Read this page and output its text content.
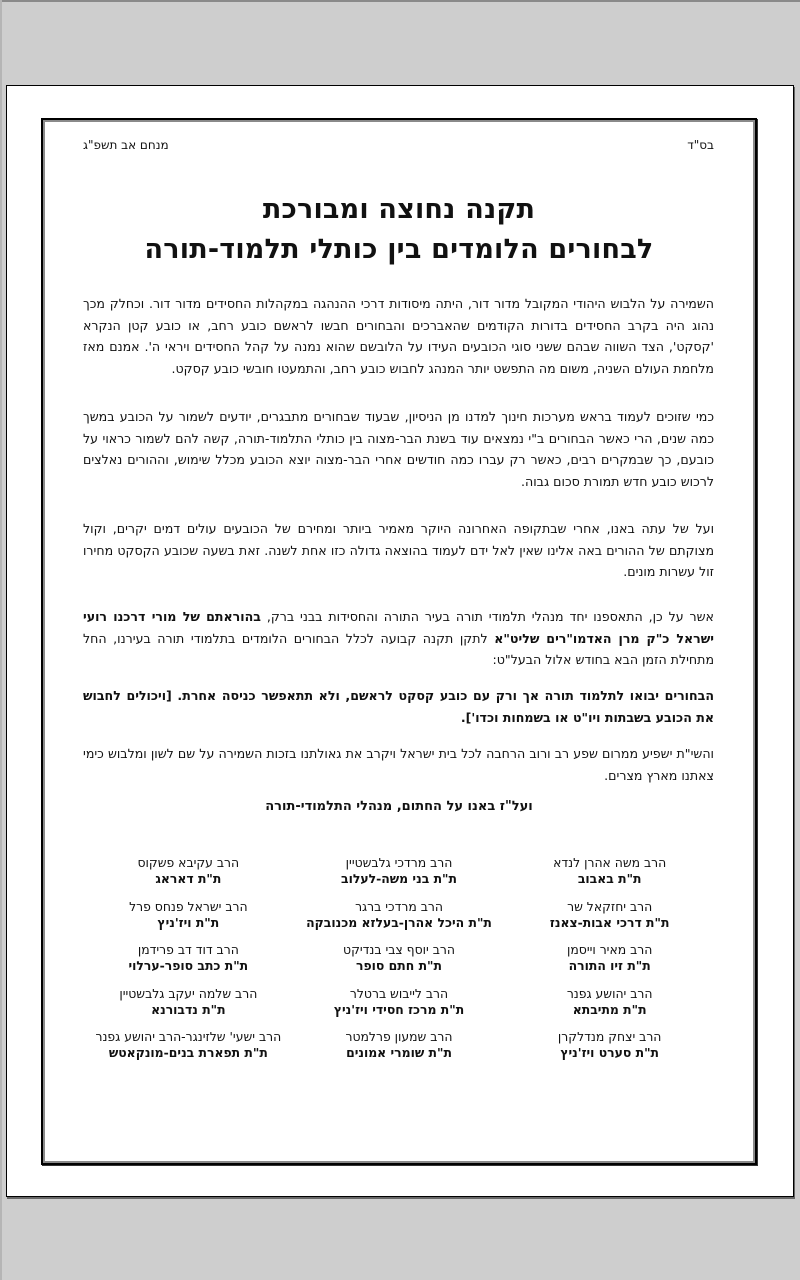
בס"ד
מנחם אב תשפ"ג
תקנה נחוצה ומבורכת
לבחורים הלומדים בין כותלי תלמוד-תורה
השמירה על הלבוש היהודי המקובל מדור דור, היתה מיסודות דרכי ההנהגה במקהלות החסידים מדור דור. וכחלק מכך נהוג היה בקרב החסידים בדורות הקודמים שהאברכים והבחורים חבשו לראשם כובע רחב, או כובע קטן הנקרא 'קסקט', הצד השווה שבהם ששני סוגי הכובעים העידו על הלובשם שהוא נמנה על קהל החסידים ויראי ה'. אמנם מאז מלחמת העולם השניה, משום מה התפשט יותר המנהג לחבוש כובע רחב, והתמעטו חובשי כובע קסקט.
כמי שזוכים לעמוד בראש מערכות חינוך למדנו מן הניסיון, שבעוד שבחורים מתבגרים, יודעים לשמור על הכובע במשך כמה שנים, הרי כאשר הבחורים ב"י נמצאים עוד בשנת הבר-מצוה בין כותלי התלמוד-תורה, קשה להם לשמור כראוי על כובעם, כך שבמקרים רבים, כאשר רק עברו כמה חודשים אחרי הבר-מצוה יוצא הכובע מכלל שימוש, וההורים נאלצים לרכוש כובע חדש תמורת סכום גבוה.
ועל של עתה באנו, אחרי שבתקופה האחרונה היוקר מאמיר ביותר ומחירם של הכובעים עולים דמים יקרים, וקול מצוקתם של ההורים באה אלינו שאין לאל ידם לעמוד בהוצאה גדולה כזו אחת לשנה. זאת בשעה שכובע הקסקט מחירו זול עשרות מונים.
אשר על כן, התאספנו יחד מנהלי תלמודי תורה בעיר התורה והחסידות בבני ברק, בהוראתם של מורי דרכנו רועי ישראל כ"ק מרן האדמו"רים שליט"א לתקן תקנה קבועה לכלל הבחורים הלומדים בתלמודי תורה בעירנו, החל מתחילת הזמן הבא בחודש אלול הבעל"ט:
הבחורים יבואו לתלמוד תורה אך ורק עם כובע קסקט לראשם, ולא תתאפשר כניסה אחרת. [ויכולים לחבוש את הכובע בשבתות ויו"ט או בשמחות וכדו'].
והשי"ת ישפיע ממרום שפע רב ורוב הרחבה לכל בית ישראל ויקרב את גאולתנו בזכות השמירה על שם לשון ומלבוש כימי צאתנו מארץ מצרים.
ועל"ז באנו על החתום, מנהלי התלמודי-תורה
הרב משה אהרן לנדא
ת"ת באבוב
הרב מרדכי גלבשטיין
ת"ת בני משה-לעלוב
הרב עקיבא פשקוס
ת"ת דאראג
הרב יחזקאל שר
ת"ת דרכי אבות-צאנז
הרב מרדכי ברגר
ת"ת היכל אהרן-בעלזא מכנובקה
הרב ישראל פנחס פרל
ת"ת ויז'ניץ
הרב מאיר וייסמן
ת"ת זיו התורה
הרב יוסף צבי בנדיקט
ת"ת חתם סופר
הרב דוד דב פרידמן
ת"ת כתב סופר-ערלוי
הרב יהושע גפנר
ת"ת מתיבתא
הרב לייבוש ברטלר
ת"ת מרכז חסידי ויז'ניץ
הרב שלמה יעקב גלבשטיין
ת"ת נדבורנא
הרב יצחק מנדלקרן
ת"ת סערט ויז'ניץ
הרב שמעון פרלמטר
ת"ת שומרי אמונים
הרב ישעי' שלזינגר-הרב יהושע גפנר
ת"ת תפארת בנים-מונקאטש
